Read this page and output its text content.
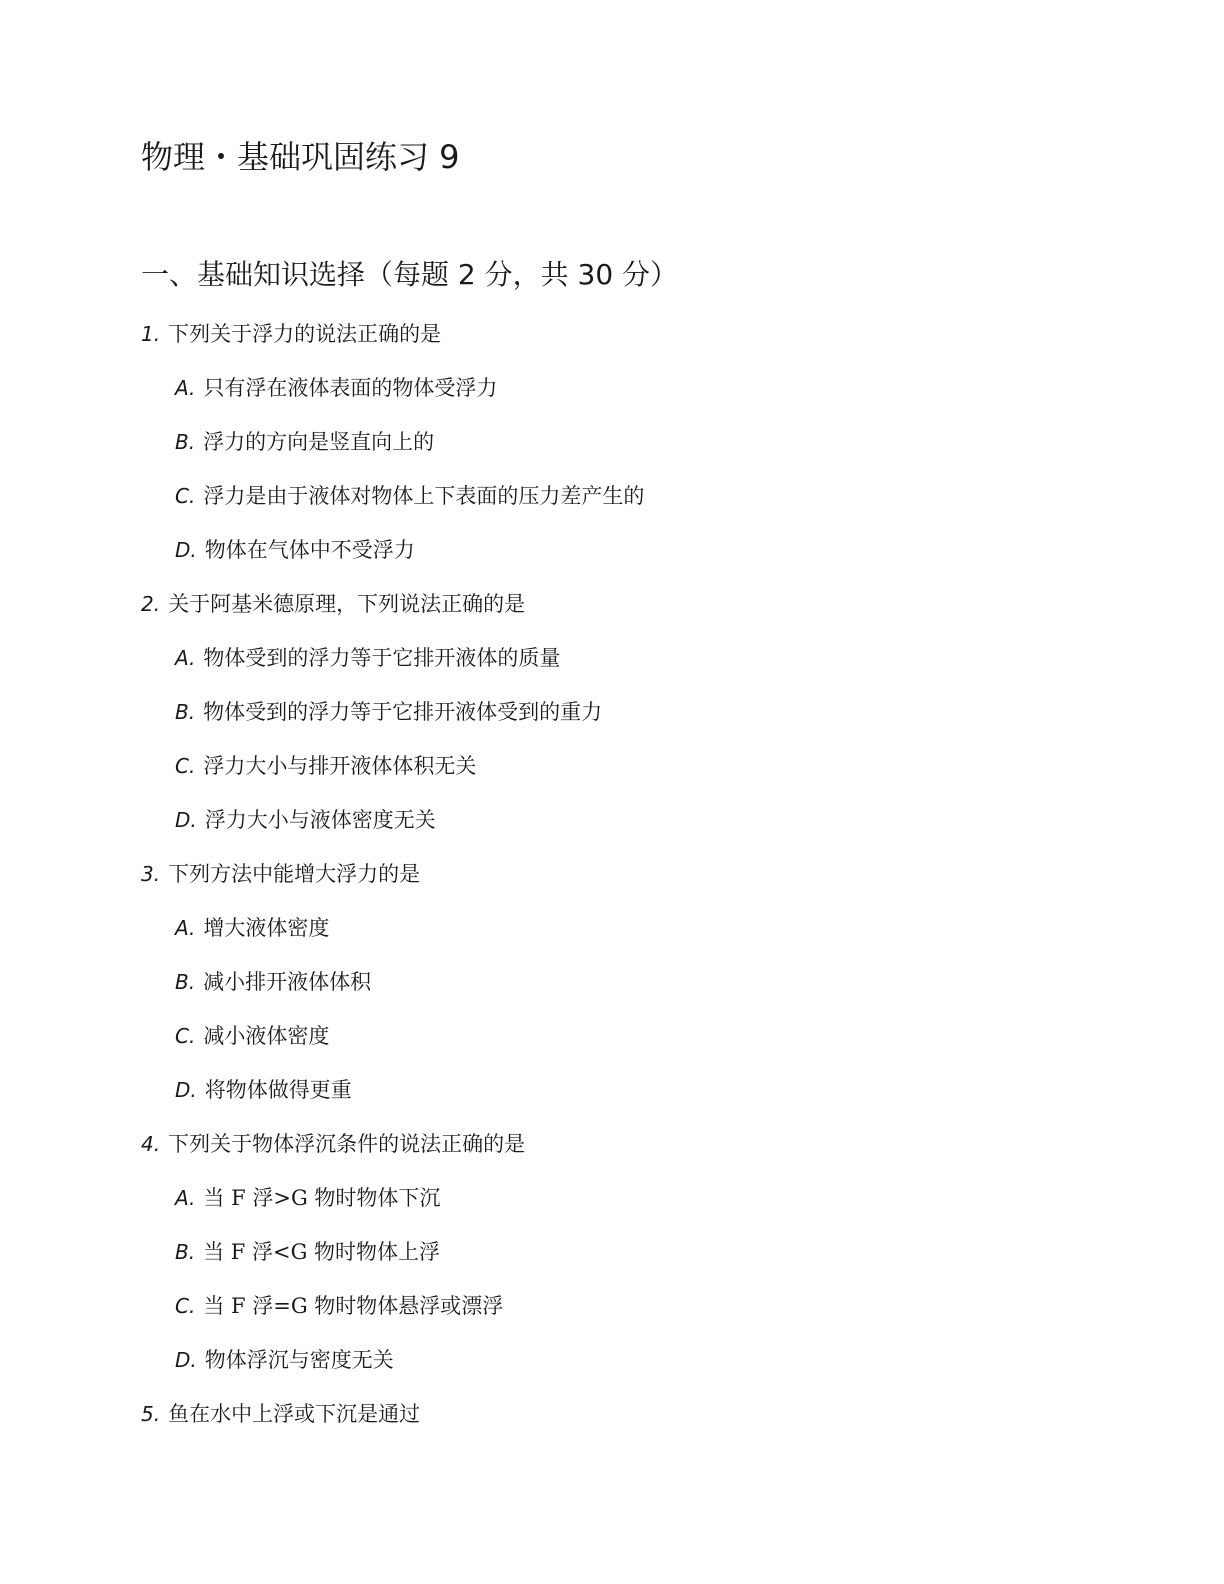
物理・基础巩固练习 9
一、基础知识选择（每题 2 分，共 30 分）
1. 下列关于浮力的说法正确的是
A. 只有浮在液体表面的物体受浮力
B. 浮力的方向是竖直向上的
C. 浮力是由于液体对物体上下表面的压力差产生的
D. 物体在气体中不受浮力
2. 关于阿基米德原理，下列说法正确的是
A. 物体受到的浮力等于它排开液体的质量
B. 物体受到的浮力等于它排开液体受到的重力
C. 浮力大小与排开液体体积无关
D. 浮力大小与液体密度无关
3. 下列方法中能增大浮力的是
A. 增大液体密度
B. 减小排开液体体积
C. 减小液体密度
D. 将物体做得更重
4. 下列关于物体浮沉条件的说法正确的是
A. 当 F 浮>G 物时物体下沉
B. 当 F 浮<G 物时物体上浮
C. 当 F 浮=G 物时物体悬浮或漂浮
D. 物体浮沉与密度无关
5. 鱼在水中上浮或下沉是通过
